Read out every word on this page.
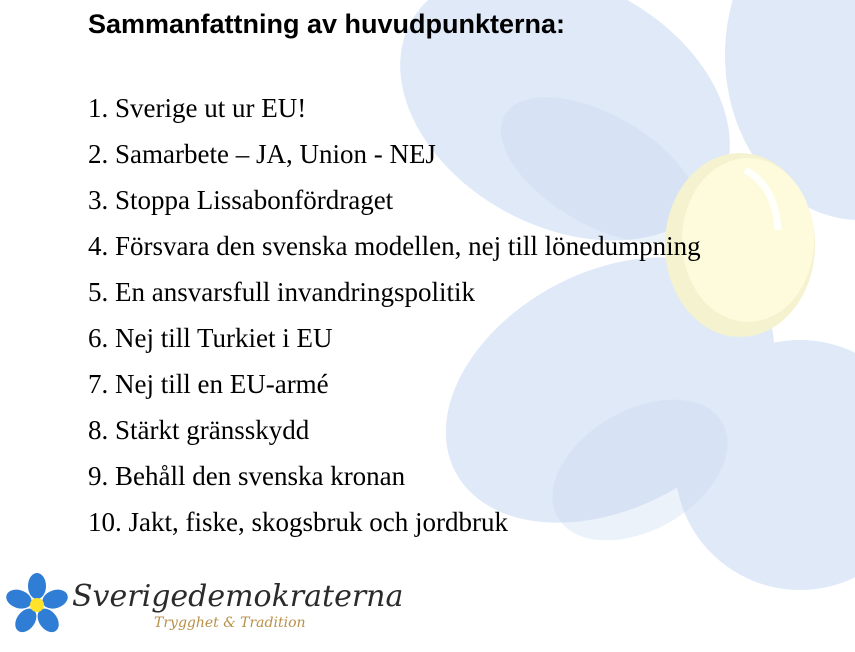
Sammanfattning av huvudpunkterna:
1. Sverige ut ur EU!
2. Samarbete – JA, Union - NEJ
3. Stoppa Lissabonfördraget
4. Försvara den svenska modellen, nej till lönedumpning
5. En ansvarsfull invandringspolitik
6. Nej till Turkiet i EU
7. Nej till en EU-armé
8. Stärkt gränsskydd
9. Behåll den svenska kronan
10. Jakt, fiske, skogsbruk och jordbruk
Sverigedemokraterna
Trygghet & Tradition
